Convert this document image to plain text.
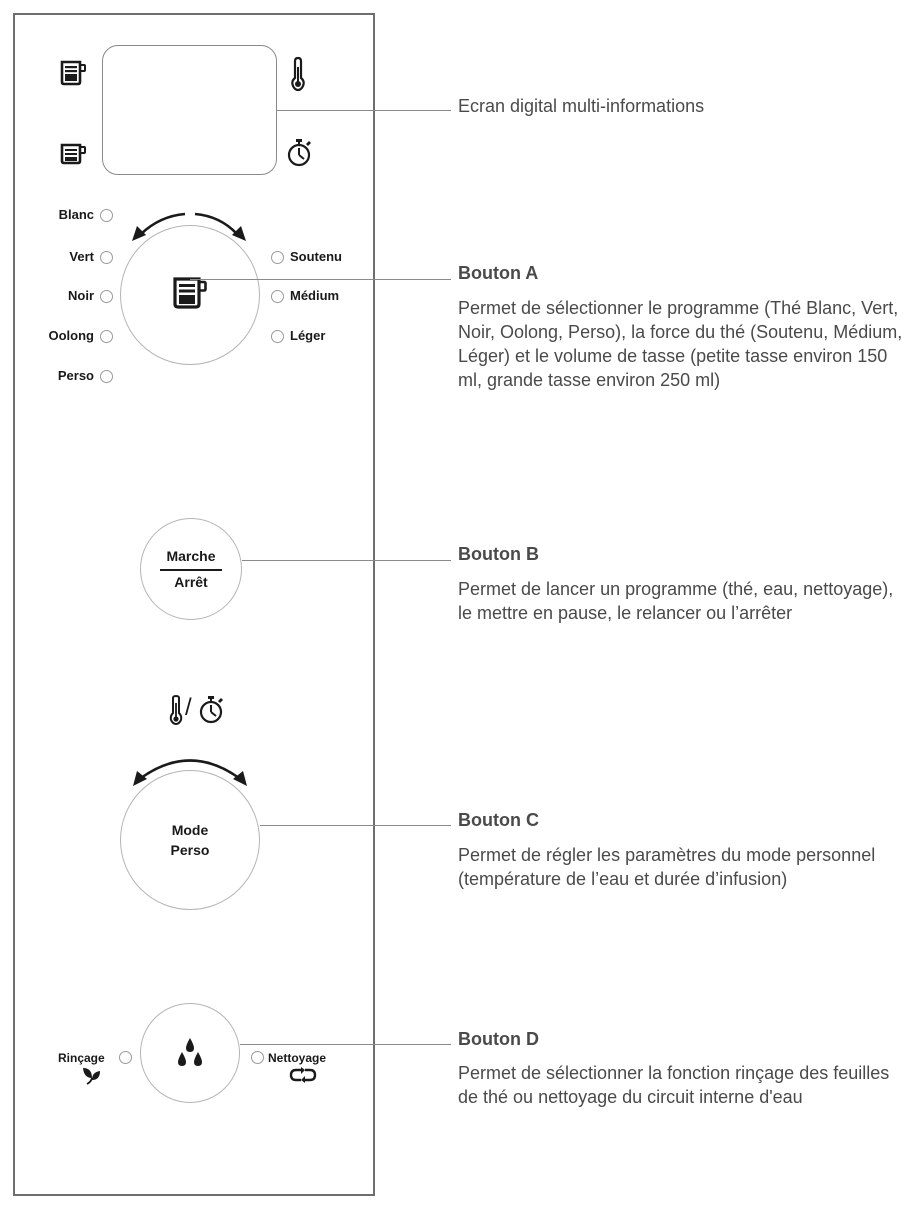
Ecran digital multi-informations
Blanc
Vert
Noir
Oolong
Perso
Soutenu
Médium
Léger
Bouton A
Permet de sélectionner le programme (Thé Blanc, Vert, Noir, Oolong, Perso), la force du thé (Soutenu, Médium, Léger) et le volume de tasse (petite tasse environ 150 ml, grande tasse environ 250 ml)
Marche
Arrêt
Bouton B
Permet de lancer un programme (thé, eau, nettoyage), le mettre en pause, le relancer ou l’arrêter
/
Mode
Perso
Bouton C
Permet de régler les paramètres du mode personnel (température de l’eau et durée d’infusion)
Rinçage	Nettoyage
Bouton D
Permet de sélectionner la fonction rinçage des feuilles de thé ou nettoyage du circuit interne d'eau
